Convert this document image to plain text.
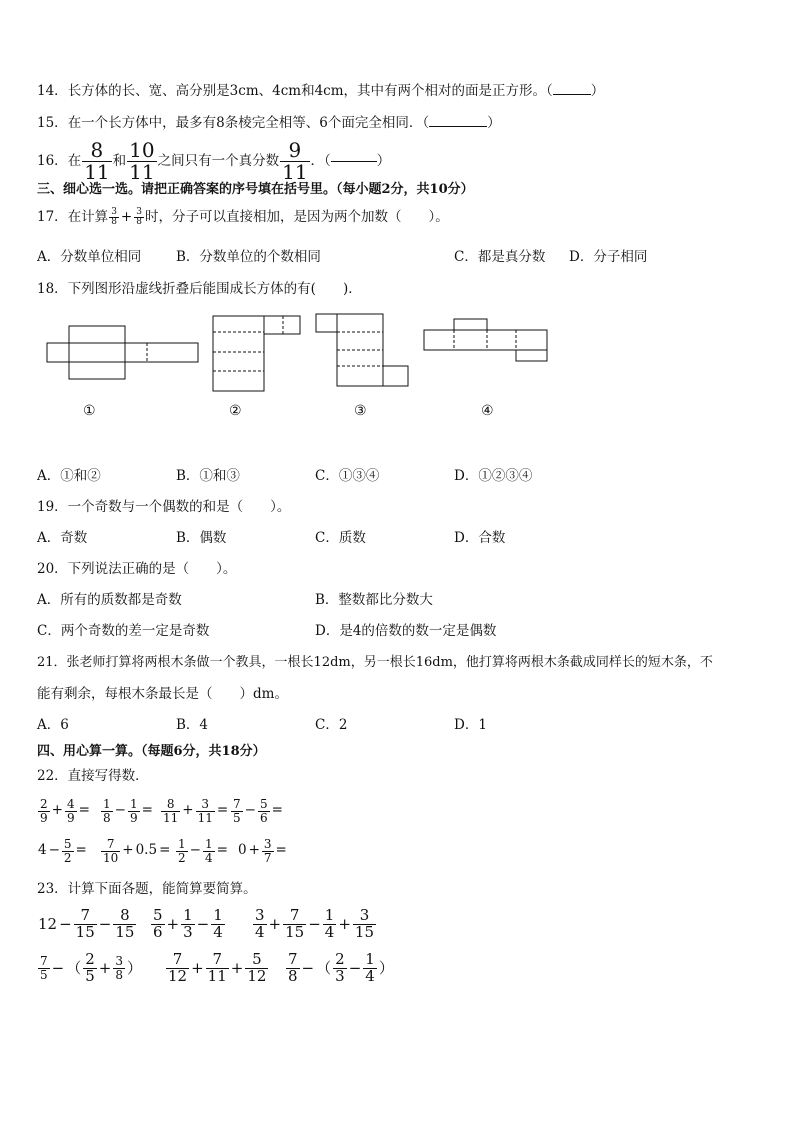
14．长方体的长、宽、高分别是3cm、4cm和4cm，其中有两个相对的面是正方形。（	）
15．在一个长方体中，最多有8条棱完全相等、6个面完全相同．（	）
16．在 $\frac{8}{11}$ 和 $\frac{10}{11}$ 之间只有一个真分数 $\frac{9}{11}$ ．（	）
三、细心选一选。请把正确答案的序号填在括号里。（每小题2分，共10分）
17．在计算 $\frac{3}{8} + \frac{3}{8}$ 时，分子可以直接相加，是因为两个加数（　　）。
A．分数单位相同	B．分数单位的个数相同	C．都是真分数 D．分子相同
18．下列图形沿虚线折叠后能围成长方体的有(　　)．
①	②	③	④
A．①和②	B．①和③	C．①③④	D．①②③④
19．一个奇数与一个偶数的和是（　　）。
A．奇数	B．偶数	C．质数	D．合数
20．下列说法正确的是（　　）。
A．所有的质数都是奇数	B．整数都比分数大
C．两个奇数的差一定是奇数	D．是4的倍数的数一定是偶数
21．张老师打算将两根木条做一个教具，一根长12dm，另一根长16dm，他打算将两根木条截成同样长的短木条，不
能有剩余，每根木条最长是（　　）dm。
A．6	B．4	C．2	D．1
四、用心算一算。（每题6分，共18分）
22．直接写得数．
$\frac{2}{9} + \frac{4}{9} = \frac{1}{8} - \frac{1}{9} = \frac{8}{11} + \frac{3}{11} = \frac{7}{5} - \frac{5}{6}$ =
$4 - \frac{5}{2} = \frac{7}{10} + 0.5 = \frac{1}{2} - \frac{1}{4} = 0 + \frac{3}{7}$ =
23．计算下面各题，能简算要简算。
$12 - \frac{7}{15} - \frac{8}{15} \frac{5}{6} + \frac{1}{3} - \frac{1}{4} \frac{3}{4} + \frac{7}{15} - \frac{1}{4} + \frac{3}{15}$
$\frac{7}{5}$ − （ $\frac{2}{5} + \frac{3}{8}$ ） $\frac{7}{12} + \frac{7}{11} + \frac{5}{12} \frac{7}{8}$ − （ $\frac{2}{3} - \frac{1}{4}$ ）
